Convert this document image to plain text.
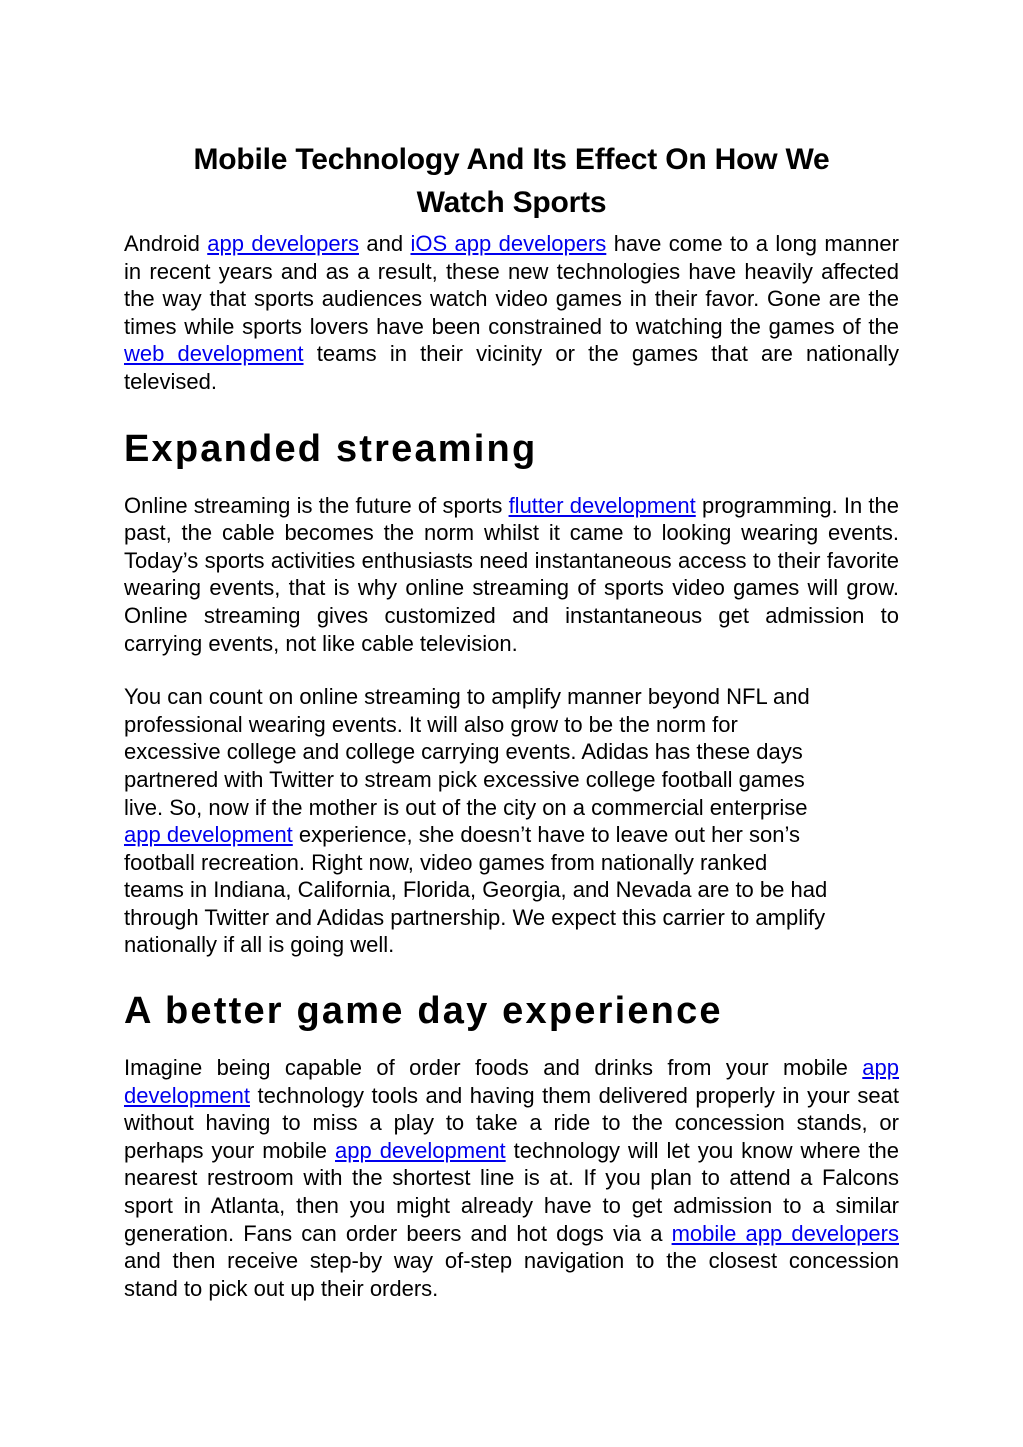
Mobile Technology And Its Effect On How We
Watch Sports

Android app developers and iOS app developers have come to a long manner in recent years and as a result, these new technologies have heavily affected the way that sports audiences watch video games in their favor. Gone are the times while sports lovers have been constrained to watching the games of the web development teams in their vicinity or the games that are nationally televised.

Expanded streaming

Online streaming is the future of sports flutter development programming. In the past, the cable becomes the norm whilst it came to looking wearing events. Today’s sports activities enthusiasts need instantaneous access to their favorite wearing events, that is why online streaming of sports video games will grow. Online streaming gives customized and instantaneous get admission to carrying events, not like cable television.

You can count on online streaming to amplify manner beyond NFL and
professional wearing events. It will also grow to be the norm for
excessive college and college carrying events. Adidas has these days
partnered with Twitter to stream pick excessive college football games
live. So, now if the mother is out of the city on a commercial enterprise
app development experience, she doesn’t have to leave out her son’s
football recreation. Right now, video games from nationally ranked
teams in Indiana, California, Florida, Georgia, and Nevada are to be had
through Twitter and Adidas partnership. We expect this carrier to amplify
nationally if all is going well.

A better game day experience

Imagine being capable of order foods and drinks from your mobile app development technology tools and having them delivered properly in your seat without having to miss a play to take a ride to the concession stands, or perhaps your mobile app development technology will let you know where the nearest restroom with the shortest line is at. If you plan to attend a Falcons sport in Atlanta, then you might already have to get admission to a similar generation. Fans can order beers and hot dogs via a mobile app developers and then receive step-by way of-step navigation to the closest concession stand to pick out up their orders.
